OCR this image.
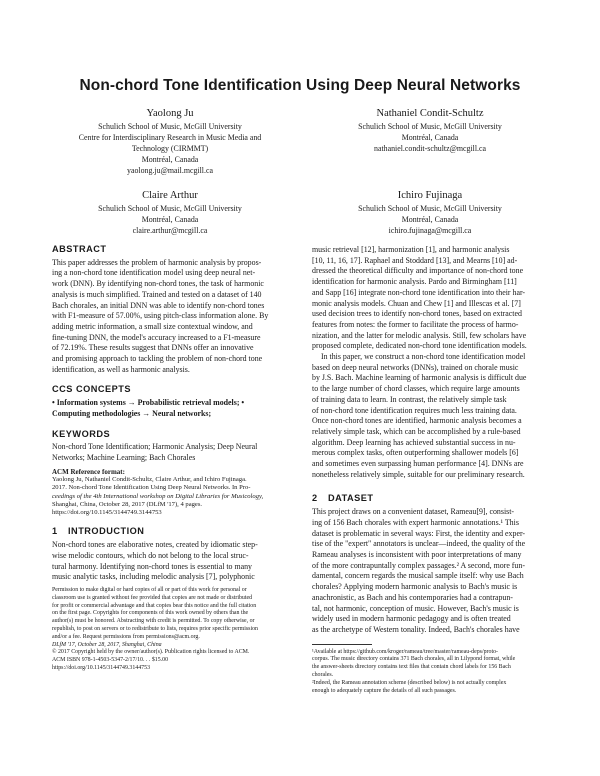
Non-chord Tone Identification Using Deep Neural Networks
Yaolong Ju
Schulich School of Music, McGill University
Centre for Interdisciplinary Research in Music Media and
Technology (CIRMMT)
Montréal, Canada
yaolong.ju@mail.mcgill.ca
Nathaniel Condit-Schultz
Schulich School of Music, McGill University
Montréal, Canada
nathaniel.condit-schultz@mcgill.ca
Claire Arthur
Schulich School of Music, McGill University
Montréal, Canada
claire.arthur@mcgill.ca
Ichiro Fujinaga
Schulich School of Music, McGill University
Montréal, Canada
ichiro.fujinaga@mcgill.ca
ABSTRACT
This paper addresses the problem of harmonic analysis by propos-
ing a non-chord tone identification model using deep neural net-
work (DNN). By identifying non-chord tones, the task of harmonic
analysis is much simplified. Trained and tested on a dataset of 140
Bach chorales, an initial DNN was able to identify non-chord tones
with F1-measure of 57.00%, using pitch-class information alone. By
adding metric information, a small size contextual window, and
fine-tuning DNN, the model's accuracy increased to a F1-measure
of 72.19%. These results suggest that DNNs offer an innovative
and promising approach to tackling the problem of non-chord tone
identification, as well as harmonic analysis.
CCS CONCEPTS
• Information systems → Probabilistic retrieval models; •
Computing methodologies → Neural networks;
KEYWORDS
Non-chord Tone Identification; Harmonic Analysis; Deep Neural
Networks; Machine Learning; Bach Chorales
ACM Reference format:
Yaolong Ju, Nathaniel Condit-Schultz, Claire Arthur, and Ichiro Fujinaga.
2017. Non-chord Tone Identification Using Deep Neural Networks. In Pro-
ceedings of the 4th International workshop on Digital Libraries for Musicology,
Shanghai, China, October 28, 2017 (DLfM '17), 4 pages.
https://doi.org/10.1145/3144749.3144753
1 INTRODUCTION
Non-chord tones are elaborative notes, created by idiomatic step-
wise melodic contours, which do not belong to the local struc-
tural harmony. Identifying non-chord tones is essential to many
music analytic tasks, including melodic analysis [7], polyphonic
Permission to make digital or hard copies of all or part of this work for personal or
classroom use is granted without fee provided that copies are not made or distributed
for profit or commercial advantage and that copies bear this notice and the full citation
on the first page. Copyrights for components of this work owned by others than the
author(s) must be honored. Abstracting with credit is permitted. To copy otherwise, or
republish, to post on servers or to redistribute to lists, requires prior specific permission
and/or a fee. Request permissions from permissions@acm.org.
DLfM '17, October 28, 2017, Shanghai, China
© 2017 Copyright held by the owner/author(s). Publication rights licensed to ACM.
ACM ISBN 978-1-4503-5347-2/17/10. . . $15.00
https://doi.org/10.1145/3144749.3144753
music retrieval [12], harmonization [1], and harmonic analysis
[10, 11, 16, 17]. Raphael and Stoddard [13], and Mearns [10] ad-
dressed the theoretical difficulty and importance of non-chord tone
identification for harmonic analysis. Pardo and Birmingham [11]
and Sapp [16] integrate non-chord tone identification into their har-
monic analysis models. Chuan and Chew [1] and Illescas et al. [7]
used decision trees to identify non-chord tones, based on extracted
features from notes: the former to facilitate the process of harmo-
nization, and the latter for melodic analysis. Still, few scholars have
proposed complete, dedicated non-chord tone identification models.
In this paper, we construct a non-chord tone identification model
based on deep neural networks (DNNs), trained on chorale music
by J.S. Bach. Machine learning of harmonic analysis is difficult due
to the large number of chord classes, which require large amounts
of training data to learn. In contrast, the relatively simple task
of non-chord tone identification requires much less training data.
Once non-chord tones are identified, harmonic analysis becomes a
relatively simple task, which can be accomplished by a rule-based
algorithm. Deep learning has achieved substantial success in nu-
merous complex tasks, often outperforming shallower models [6]
and sometimes even surpassing human performance [4]. DNNs are
nonetheless relatively simple, suitable for our preliminary research.
2 DATASET
This project draws on a convenient dataset, Rameau[9], consist-
ing of 156 Bach chorales with expert harmonic annotations.¹ This
dataset is problematic in several ways: First, the identity and exper-
tise of the "expert" annotators is unclear—indeed, the quality of the
Rameau analyses is inconsistent with poor interpretations of many
of the more contrapuntally complex passages.² A second, more fun-
damental, concern regards the musical sample itself: why use Bach
chorales? Applying modern harmonic analysis to Bach's music is
anachronistic, as Bach and his contemporaries had a contrapun-
tal, not harmonic, conception of music. However, Bach's music is
widely used in modern harmonic pedagogy and is often treated
as the archetype of Western tonality. Indeed, Bach's chorales have
¹Available at https://github.com/kroger/rameau/tree/master/rameau-deps/proto-
corpus. The music directory contains 371 Bach chorales, all in Lilypond format, while
the answer-sheets directory contains text files that contain chord labels for 156 Bach
chorales.
²Indeed, the Rameau annotation scheme (described below) is not actually complex
enough to adequately capture the details of all such passages.
